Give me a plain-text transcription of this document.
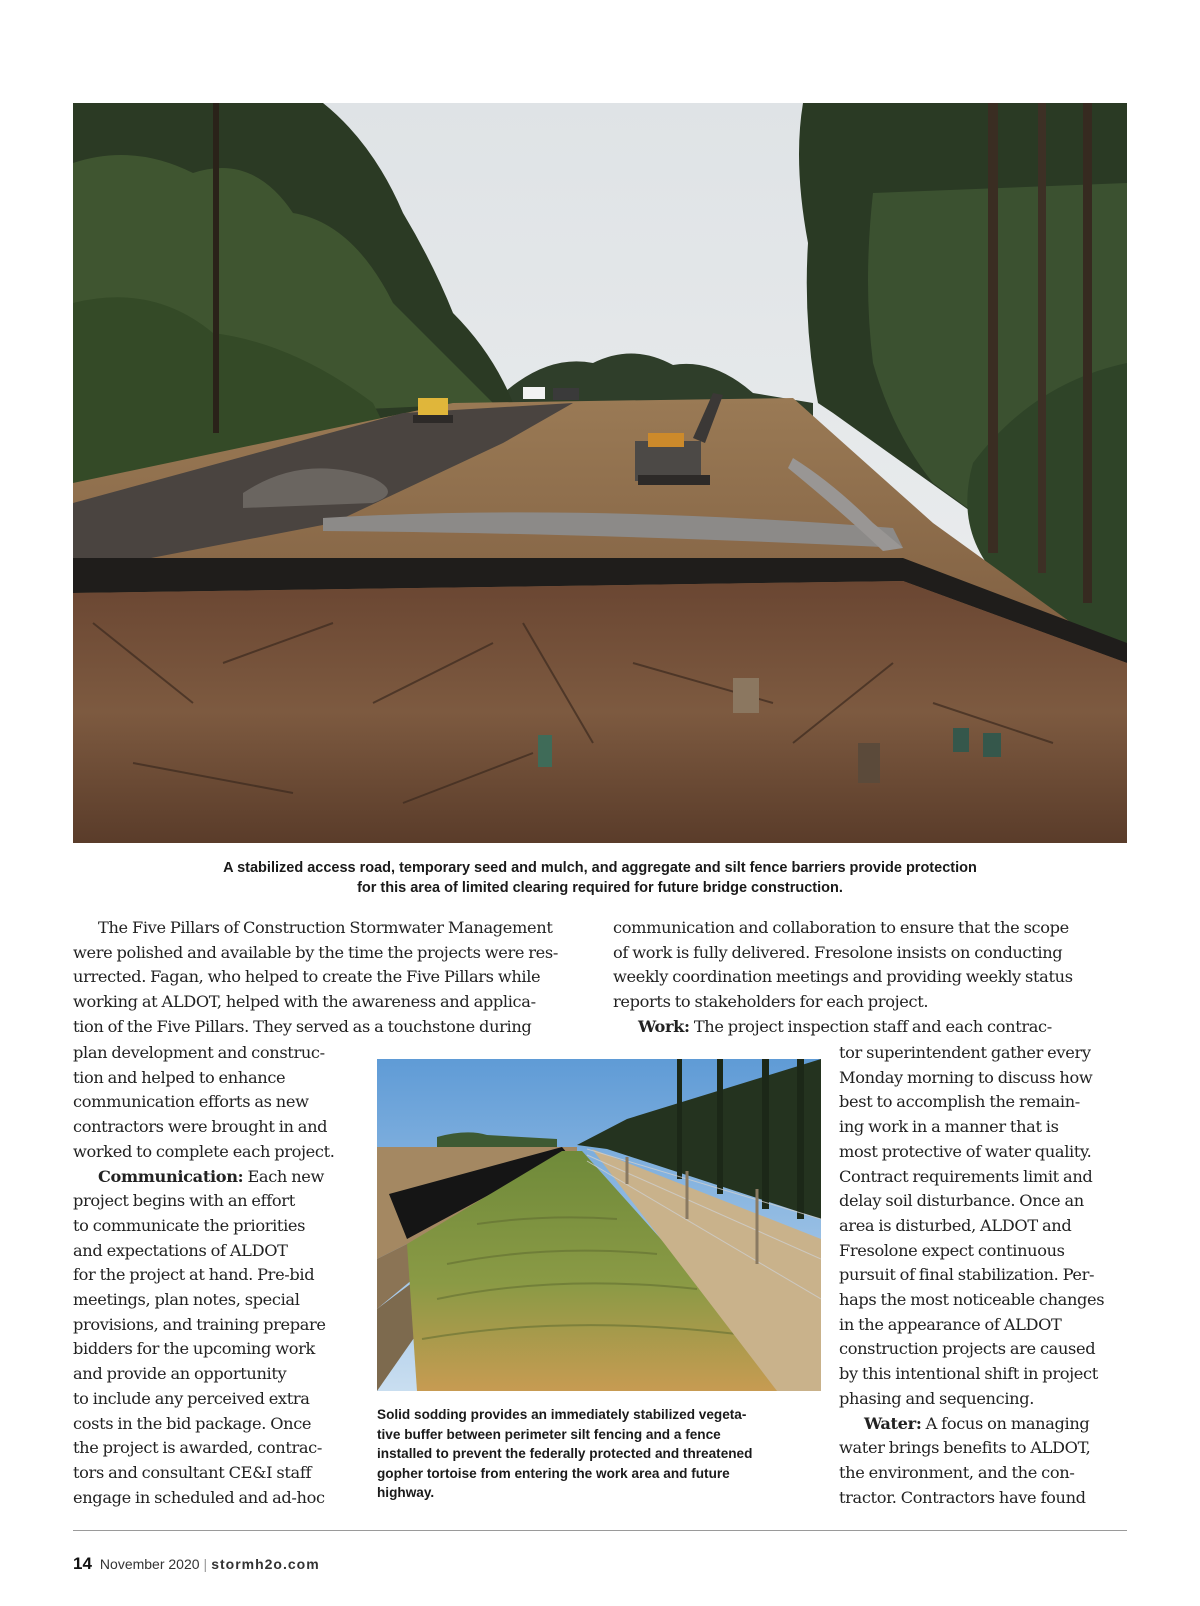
A stabilized access road, temporary seed and mulch, and aggregate and silt fence barriers provide protection
for this area of limited clearing required for future bridge construction.
The Five Pillars of Construction Stormwater Management
were polished and available by the time the projects were res-
urrected. Fagan, who helped to create the Five Pillars while
working at ALDOT, helped with the awareness and applica-
tion of the Five Pillars. They served as a touchstone during
plan development and construc-
tion and helped to enhance
communication efforts as new
contractors were brought in and
worked to complete each project.
Communication: Each new
project begins with an effort
to communicate the priorities
and expectations of ALDOT
for the project at hand. Pre-bid
meetings, plan notes, special
provisions, and training prepare
bidders for the upcoming work
and provide an opportunity
to include any perceived extra
costs in the bid package. Once
the project is awarded, contrac-
tors and consultant CE&I staff
engage in scheduled and ad-hoc
communication and collaboration to ensure that the scope
of work is fully delivered. Fresolone insists on conducting
weekly coordination meetings and providing weekly status
reports to stakeholders for each project.
Work: The project inspection staff and each contrac-
tor superintendent gather every
Monday morning to discuss how
best to accomplish the remain-
ing work in a manner that is
most protective of water quality.
Contract requirements limit and
delay soil disturbance. Once an
area is disturbed, ALDOT and
Fresolone expect continuous
pursuit of final stabilization. Per-
haps the most noticeable changes
in the appearance of ALDOT
construction projects are caused
by this intentional shift in project
phasing and sequencing.
Water: A focus on managing
water brings benefits to ALDOT,
the environment, and the con-
tractor. Contractors have found
Solid sodding provides an immediately stabilized vegeta-
tive buffer between perimeter silt fencing and a fence
installed to prevent the federally protected and threatened
gopher tortoise from entering the work area and future
highway.
14 November 2020 | stormh2o.com
